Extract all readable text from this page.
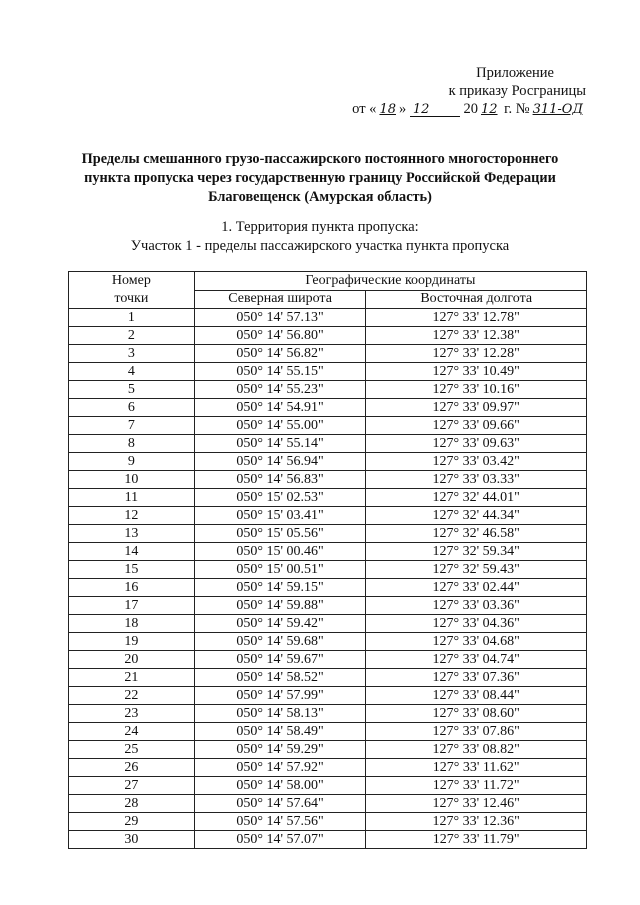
Приложение
к приказу Росграницы
от « 18 » 12 20 12 г. № 311-ОД
Пределы смешанного грузо-пассажирского постоянного многостороннего
пункта пропуска через государственную границу Российской Федерации
Благовещенск (Амурская область)
1. Территория пункта пропуска:
Участок 1 - пределы пассажирского участка пункта пропуска
Номер
точки	Географические координаты	
	Северная широта	Восточная долгота
1	050° 14' 57.13"	127° 33' 12.78"
2	050° 14' 56.80"	127° 33' 12.38"
3	050° 14' 56.82"	127° 33' 12.28"
4	050° 14' 55.15"	127° 33' 10.49"
5	050° 14' 55.23"	127° 33' 10.16"
6	050° 14' 54.91"	127° 33' 09.97"
7	050° 14' 55.00"	127° 33' 09.66"
8	050° 14' 55.14"	127° 33' 09.63"
9	050° 14' 56.94"	127° 33' 03.42"
10	050° 14' 56.83"	127° 33' 03.33"
11	050° 15' 02.53"	127° 32' 44.01"
12	050° 15' 03.41"	127° 32' 44.34"
13	050° 15' 05.56"	127° 32' 46.58"
14	050° 15' 00.46"	127° 32' 59.34"
15	050° 15' 00.51"	127° 32' 59.43"
16	050° 14' 59.15"	127° 33' 02.44"
17	050° 14' 59.88"	127° 33' 03.36"
18	050° 14' 59.42"	127° 33' 04.36"
19	050° 14' 59.68"	127° 33' 04.68"
20	050° 14' 59.67"	127° 33' 04.74"
21	050° 14' 58.52"	127° 33' 07.36"
22	050° 14' 57.99"	127° 33' 08.44"
23	050° 14' 58.13"	127° 33' 08.60"
24	050° 14' 58.49"	127° 33' 07.86"
25	050° 14' 59.29"	127° 33' 08.82"
26	050° 14' 57.92"	127° 33' 11.62"
27	050° 14' 58.00"	127° 33' 11.72"
28	050° 14' 57.64"	127° 33' 12.46"
29	050° 14' 57.56"	127° 33' 12.36"
30	050° 14' 57.07"	127° 33' 11.79"
